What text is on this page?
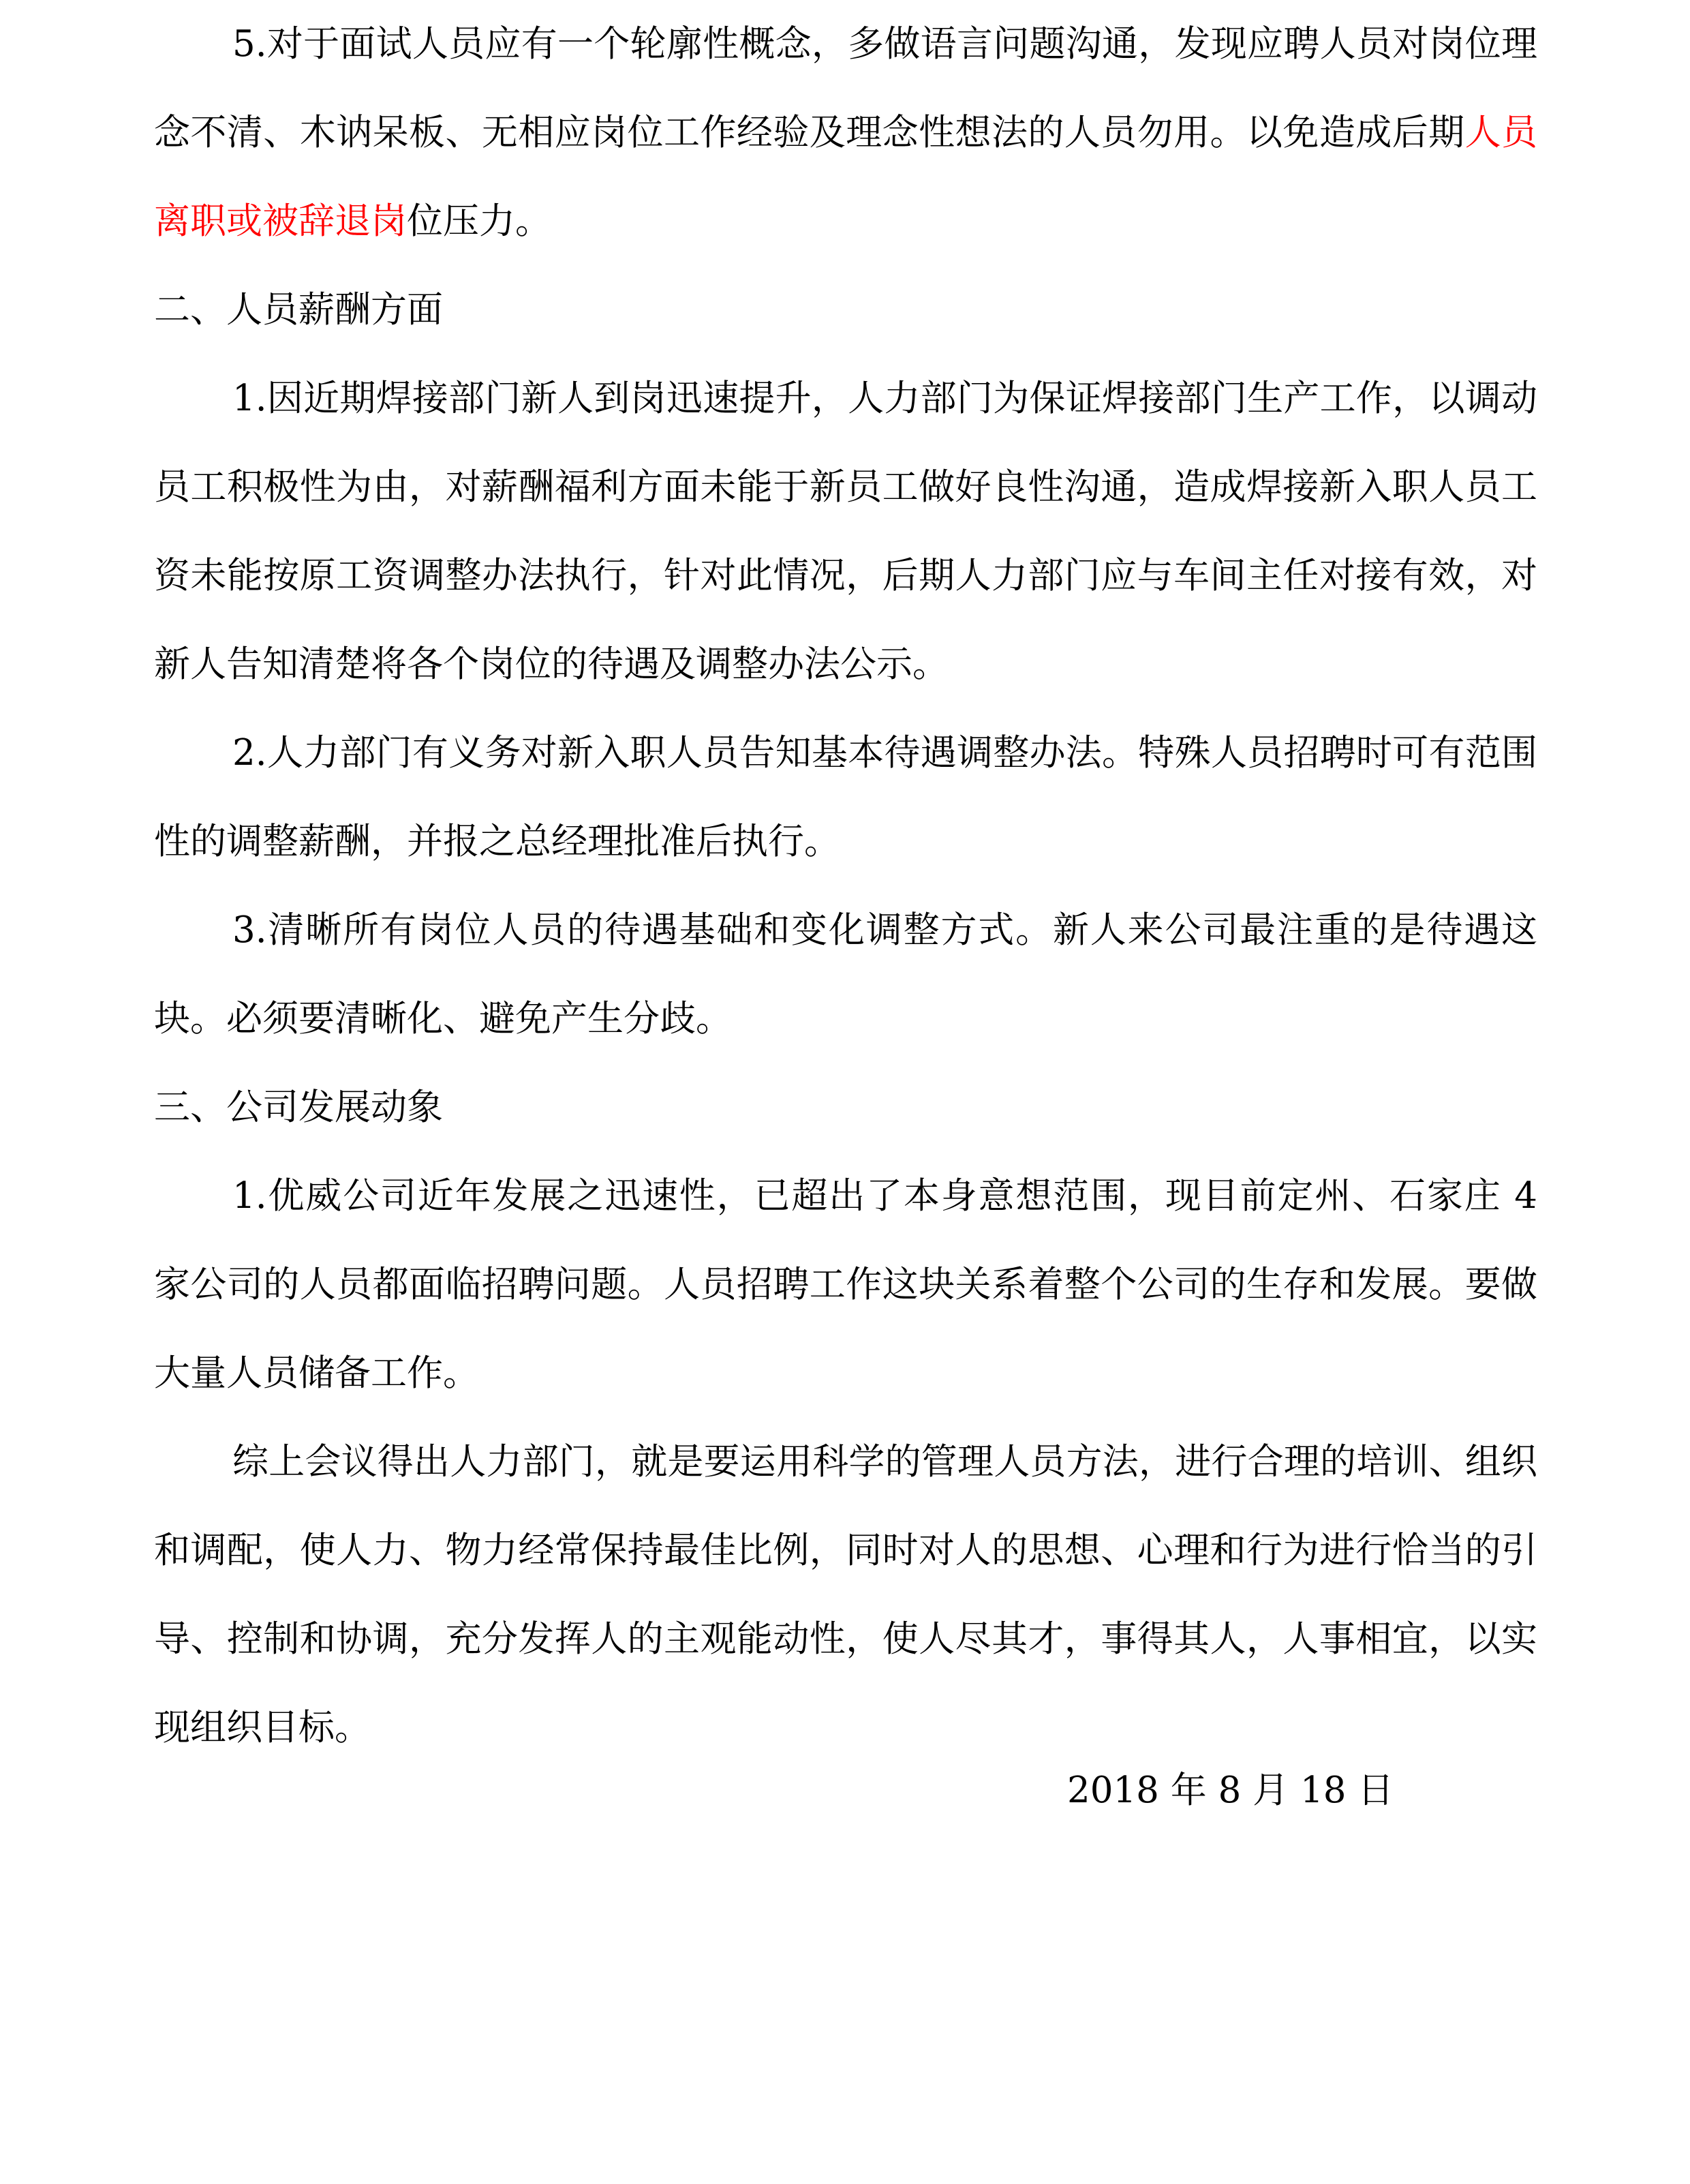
5.对于面试人员应有一个轮廓性概念，多做语言问题沟通，发现应聘人员对岗位理念不清、木讷呆板、无相应岗位工作经验及理念性想法的人员勿用。以免造成后期人员离职或被辞退岗位压力。

二、人员薪酬方面

1.因近期焊接部门新人到岗迅速提升，人力部门为保证焊接部门生产工作，以调动员工积极性为由，对薪酬福利方面未能于新员工做好良性沟通，造成焊接新入职人员工资未能按原工资调整办法执行，针对此情况，后期人力部门应与车间主任对接有效，对新人告知清楚将各个岗位的待遇及调整办法公示。

2.人力部门有义务对新入职人员告知基本待遇调整办法。特殊人员招聘时可有范围性的调整薪酬，并报之总经理批准后执行。

3.清晰所有岗位人员的待遇基础和变化调整方式。新人来公司最注重的是待遇这块。必须要清晰化、避免产生分歧。

三、公司发展动象

1.优威公司近年发展之迅速性，已超出了本身意想范围，现目前定州、石家庄 4 家公司的人员都面临招聘问题。人员招聘工作这块关系着整个公司的生存和发展。要做大量人员储备工作。

综上会议得出人力部门，就是要运用科学的管理人员方法，进行合理的培训、组织和调配，使人力、物力经常保持最佳比例，同时对人的思想、心理和行为进行恰当的引导、控制和协调，充分发挥人的主观能动性，使人尽其才，事得其人，人事相宜，以实现组织目标。

2018 年 8 月 18 日
